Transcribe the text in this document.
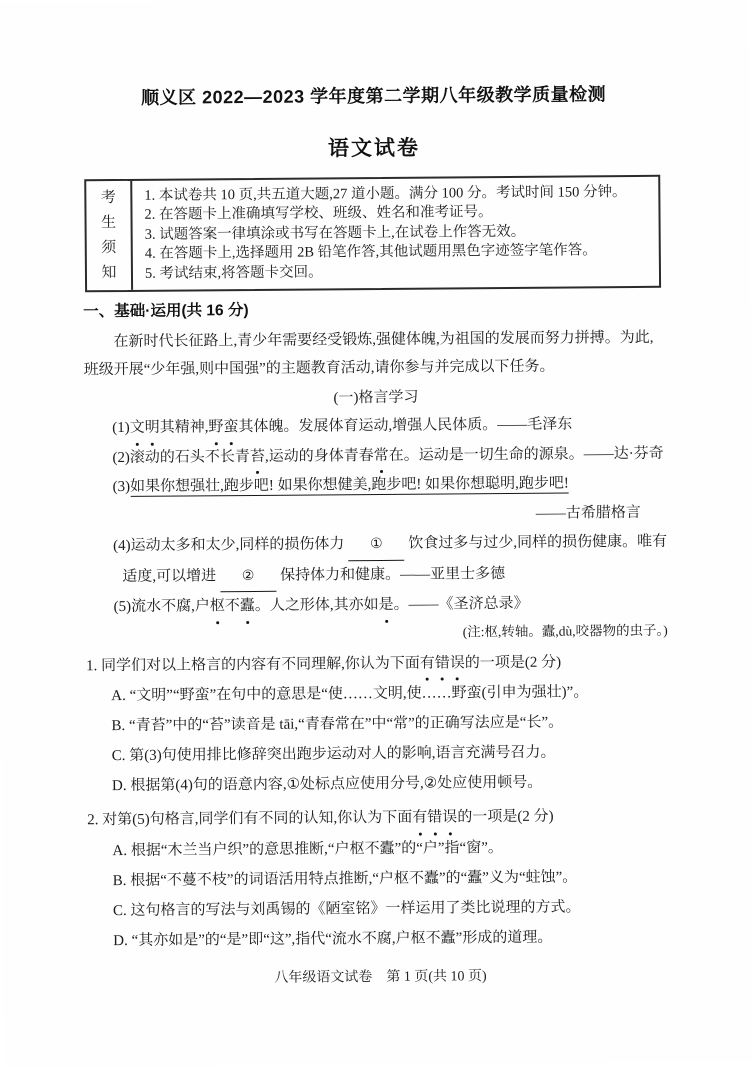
顺义区 2022—2023 学年度第二学期八年级教学质量检测
语文试卷
考生须知
1. 本试卷共 10 页,共五道大题,27 道小题。满分 100 分。考试时间 150 分钟。
2. 在答题卡上准确填写学校、班级、姓名和准考证号。
3. 试题答案一律填涂或书写在答题卡上,在试卷上作答无效。
4. 在答题卡上,选择题用 2B 铅笔作答,其他试题用黑色字迹签字笔作答。
5. 考试结束,将答题卡交回。
一、基础·运用(共 16 分)

在新时代长征路上,青少年需要经受锻炼,强健体魄,为祖国的发展而努力拼搏。为此,

班级开展“少年强,则中国强”的主题教育活动,请你参与并完成以下任务。

(一)格言学习
(1)文明其精神,野蛮其体魄。发展体育运动,增强人民体质。——毛泽东
(2)滚动的石头不长青苔,运动的身体青春常在。运动是一切生命的源泉。——达·芬奇
(3)如果你想强壮,跑步吧! 如果你想健美,跑步吧! 如果你想聪明,跑步吧!
——古希腊格言
(4)运动太多和太少,同样的损伤体力 ① 饮食过多与过少,同样的损伤健康。唯有
适度,可以增进 ② 保持体力和健康。——亚里士多德
(5)流水不腐,户枢不蠹。人之形体,其亦如是。——《圣济总录》
(注:枢,转轴。蠹,dù,咬器物的虫子。)
1. 同学们对以上格言的内容有不同理解,你认为下面有错误的一项是(2 分)
A. “文明”“野蛮”在句中的意思是“使……文明,使……野蛮(引申为强壮)”。
B. “青苔”中的“苔”读音是 tāi,“青春常在”中“常”的正确写法应是“长”。
C. 第(3)句使用排比修辞突出跑步运动对人的影响,语言充满号召力。
D. 根据第(4)句的语意内容,①处标点应使用分号,②处应使用顿号。
2. 对第(5)句格言,同学们有不同的认知,你认为下面有错误的一项是(2 分)
A. 根据“木兰当户织”的意思推断,“户枢不蠹”的“户”指“窗”。
B. 根据“不蔓不枝”的词语活用特点推断,“户枢不蠹”的“蠹”义为“蛀蚀”。
C. 这句格言的写法与刘禹锡的《陋室铭》一样运用了类比说理的方式。
D. “其亦如是”的“是”即“这”,指代“流水不腐,户枢不蠹”形成的道理。
八年级语文试卷　第 1 页(共 10 页)
